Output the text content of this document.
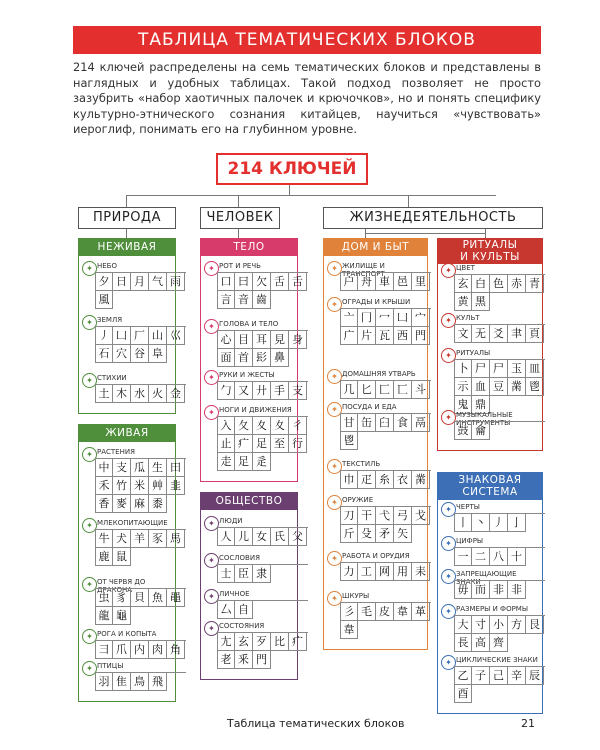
ТАБЛИЦА ТЕМАТИЧЕСКИХ БЛОКОВ

214 ключей распределены на семь тематических блоков и представлены в наглядных и удобных таблицах. Такой подход позволяет не просто зазубрить «набор хаотичных палочек и крючочков», но и понять специфику культурно-этнического сознания китайцев, научиться «чувствовать» иероглиф, понимать его на глубинном уровне.

214 КЛЮЧЕЙ
ПРИРОДА	ЧЕЛОВЕК	ЖИЗНЕДЕЯТЕЛЬНОСТЬ
НЕЖИВАЯ
✦ НЕБО
夕 日 月 气 雨
風
✦ ЗЕМЛЯ
丿 凵 厂 山 巛
石 穴 谷 阜
✦ СТИХИИ
土 木 水 火 金
ЖИВАЯ
✦ РАСТЕНИЯ
中 支 瓜 生 田
禾 竹 米 艸 韭
香 麥 麻 黍
✦ МЛЕКОПИТАЮЩИЕ
牛 犬 羊 豕 馬
鹿 鼠
✦ ОТ ЧЕРВЯ ДО ДРАКОНА
虫 豸 貝 魚 黽
龍 龜
✦ РОГА И КОПЫТА
彐 爪 内 肉 角
✦ ПТИЦЫ
羽 隹 鳥 飛
ТЕЛО
✦ РОТ И РЕЧЬ
口 曰 欠 舌 舌
言 音 齒
✦ ГОЛОВА И ТЕЛО
心 目 耳 見 身
面 首 髟 鼻
✦ РУКИ И ЖЕСТЫ
勹 又 廾 手 支
✦ НОГИ И ДВИЖЕНИЯ
入 夂 夊 夊 彳
止 疒 足 至 行
走 足 辵
ОБЩЕСТВО
✦ ЛЮДИ
人 儿 女 氏 父
✦ СОСЛОВИЯ
士 臣 隶
✦ ЛИЧНОЕ
厶 自
✦ СОСТОЯНИЯ
尢 玄 歹 比 疒
老 釆 門
ДОМ И БЫТ
✦ ЖИЛИЩЕ И ТРАНСПОРТ
户 舟 車 邑 里
✦ ОГРАДЫ И КРЫШИ
亠 冂 冖 凵 宀
广 片 瓦 西 門
✦ ДОМАШНЯЯ УТВАРЬ
几 匕 匚 匸 斗
✦ ПОСУДА И ЕДА
甘 缶 臼 食 鬲
鬯
✦ ТЕКСТИЛЬ
巾 疋 糸 衣 黹
✦ ОРУЖИЕ
刀 干 弋 弓 戈
斤 殳 矛 矢
✦ РАБОТА И ОРУДИЯ
力 工 网 用 耒
✦ ШКУРЫ
彡 毛 皮 韋 革
韋
РИТУАЛЫ
И КУЛЬТЫ
✦ ЦВЕТ
玄 白 色 赤 青
黄 黑
✦ КУЛЬТ
文 无 爻 聿 頁
✦ РИТУАЛЫ
卜 尸 尸 玉 皿
示 血 豆 黹 鬯
鬼 鼎
✦ МУЗЫКАЛЬНЫЕ ИНСТРУМЕНТЫ
鼓 龠
ЗНАКОВАЯ
СИСТЕМА
✦ ЧЕРТЫ
丨 丶 丿 亅
✦ ЦИФРЫ
一 二 八 十
✦ ЗАПРЕЩАЮЩИЕ ЗНАКИ
毋 而 非 非
✦ РАЗМЕРЫ И ФОРМЫ
大 寸 小 方 艮
長 高 齊
✦ ЦИКЛИЧЕСКИЕ ЗНАКИ
乙 子 己 辛 辰
酉
Таблица тематических блоков	21
